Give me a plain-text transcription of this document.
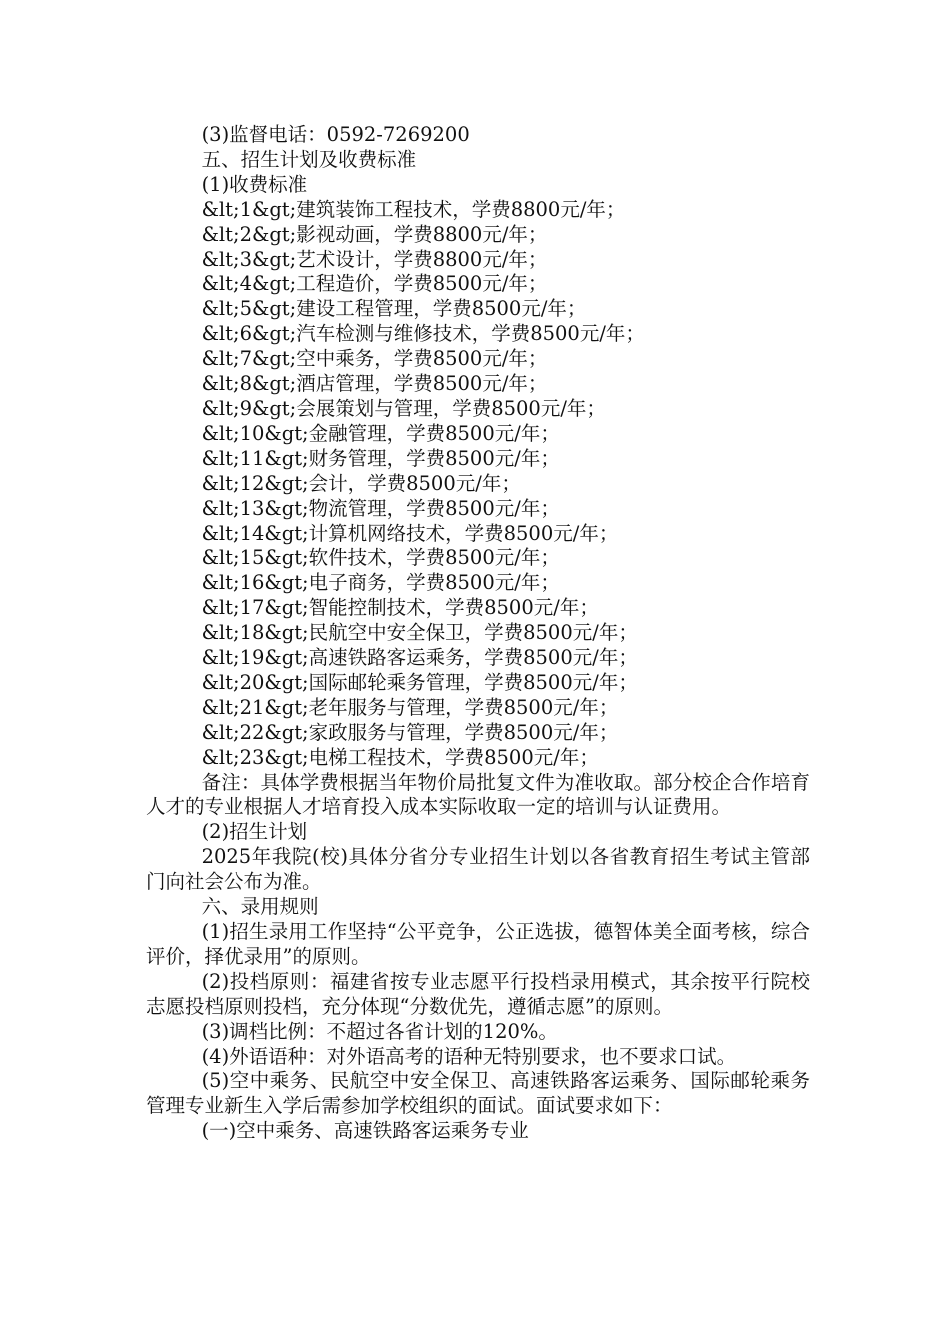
(3)监督电话：0592-7269200

五、招生计划及收费标准

(1)收费标准

&lt;1&gt;建筑装饰工程技术，学费8800元/年；

&lt;2&gt;影视动画，学费8800元/年；

&lt;3&gt;艺术设计，学费8800元/年；

&lt;4&gt;工程造价，学费8500元/年；

&lt;5&gt;建设工程管理，学费8500元/年；

&lt;6&gt;汽车检测与维修技术，学费8500元/年；

&lt;7&gt;空中乘务，学费8500元/年；

&lt;8&gt;酒店管理，学费8500元/年；

&lt;9&gt;会展策划与管理，学费8500元/年；

&lt;10&gt;金融管理，学费8500元/年；

&lt;11&gt;财务管理，学费8500元/年；

&lt;12&gt;会计，学费8500元/年；

&lt;13&gt;物流管理，学费8500元/年；

&lt;14&gt;计算机网络技术，学费8500元/年；

&lt;15&gt;软件技术，学费8500元/年；

&lt;16&gt;电子商务，学费8500元/年；

&lt;17&gt;智能控制技术，学费8500元/年；

&lt;18&gt;民航空中安全保卫，学费8500元/年；

&lt;19&gt;高速铁路客运乘务，学费8500元/年；

&lt;20&gt;国际邮轮乘务管理，学费8500元/年；

&lt;21&gt;老年服务与管理，学费8500元/年；

&lt;22&gt;家政服务与管理，学费8500元/年；

&lt;23&gt;电梯工程技术，学费8500元/年；

备注：具体学费根据当年物价局批复文件为准收取。部分校企合作培育人才的专业根据人才培育投入成本实际收取一定的培训与认证费用。

(2)招生计划

2025年我院(校)具体分省分专业招生计划以各省教育招生考试主管部门向社会公布为准。

六、录用规则

(1)招生录用工作坚持“公平竞争，公正选拔，德智体美全面考核，综合评价，择优录用”的原则。

(2)投档原则：福建省按专业志愿平行投档录用模式，其余按平行院校志愿投档原则投档，充分体现“分数优先，遵循志愿”的原则。

(3)调档比例：不超过各省计划的120%。

(4)外语语种：对外语高考的语种无特别要求，也不要求口试。

(5)空中乘务、民航空中安全保卫、高速铁路客运乘务、国际邮轮乘务管理专业新生入学后需参加学校组织的面试。面试要求如下：

(一)空中乘务、高速铁路客运乘务专业
